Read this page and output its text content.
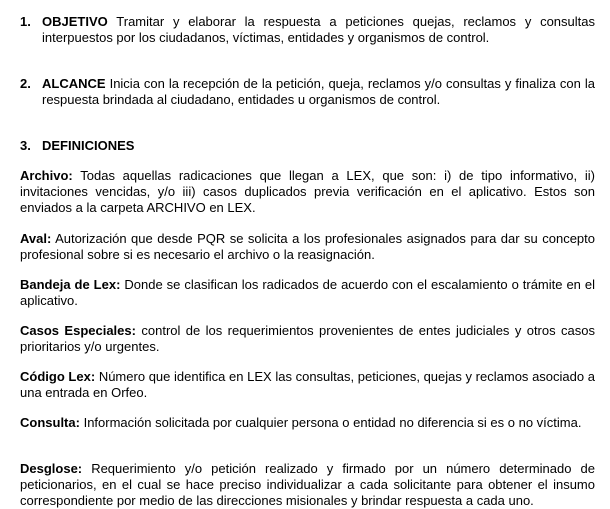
1. OBJETIVO Tramitar y elaborar la respuesta a peticiones quejas, reclamos y consultas interpuestos por los ciudadanos, víctimas, entidades y organismos de control.
2. ALCANCE Inicia con la recepción de la petición, queja, reclamos y/o consultas y finaliza con la respuesta brindada al ciudadano, entidades u organismos de control.
3. DEFINICIONES
Archivo: Todas aquellas radicaciones que llegan a LEX, que son: i) de tipo informativo, ii) invitaciones vencidas, y/o iii) casos duplicados previa verificación en el aplicativo. Estos son enviados a la carpeta ARCHIVO en LEX.
Aval: Autorización que desde PQR se solicita a los profesionales asignados para dar su concepto profesional sobre si es necesario el archivo o la reasignación.
Bandeja de Lex: Donde se clasifican los radicados de acuerdo con el escalamiento o trámite en el aplicativo.
Casos Especiales: control de los requerimientos provenientes de entes judiciales y otros casos prioritarios y/o urgentes.
Código Lex: Número que identifica en LEX las consultas, peticiones, quejas y reclamos asociado a una entrada en Orfeo.
Consulta: Información solicitada por cualquier persona o entidad no diferencia si es o no víctima.
Desglose: Requerimiento y/o petición realizado y firmado por un número determinado de peticionarios, en el cual se hace preciso individualizar a cada solicitante para obtener el insumo correspondiente por medio de las direcciones misionales y brindar respuesta a cada uno.
